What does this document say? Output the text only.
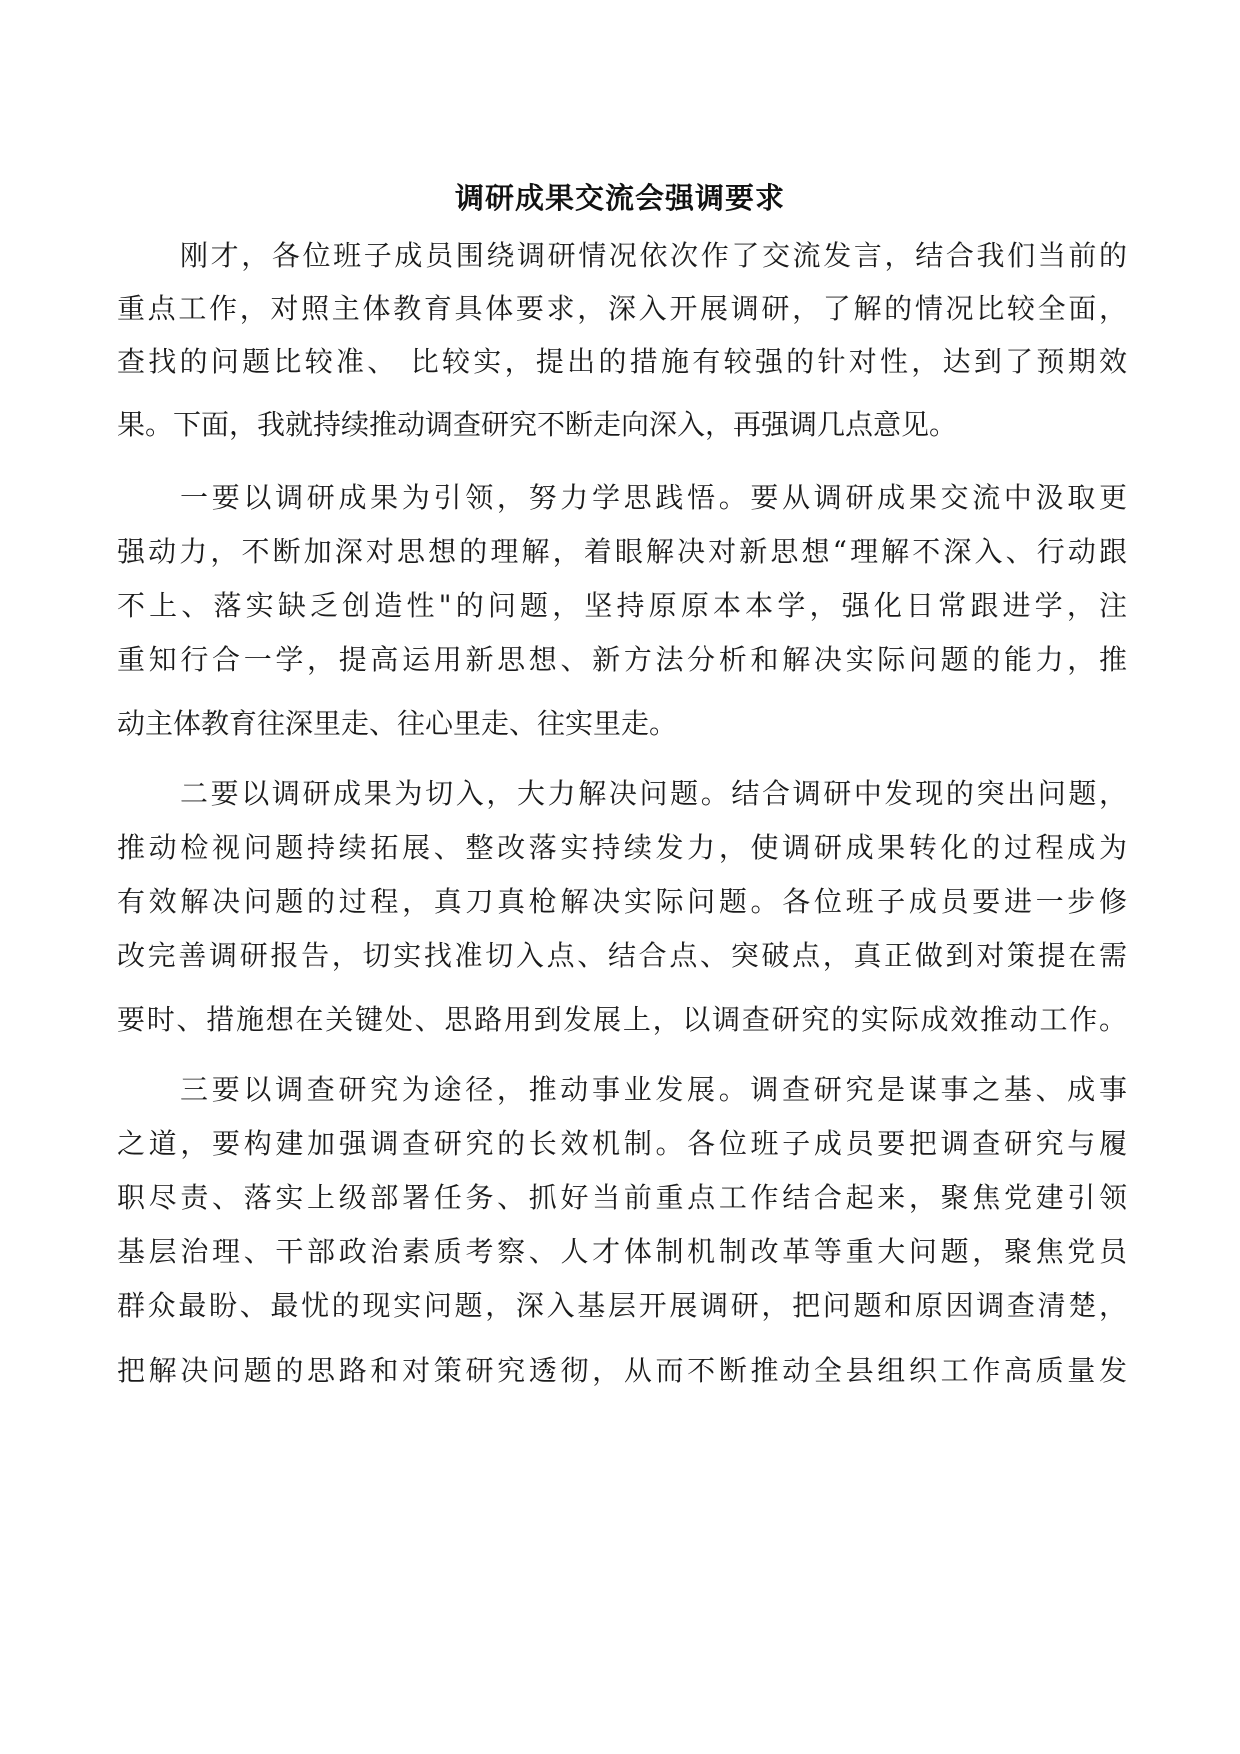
调研成果交流会强调要求
刚才，各位班子成员围绕调研情况依次作了交流发言，结合我们当前的
重点工作，对照主体教育具体要求，深入开展调研，了解的情况比较全面，
查找的问题比较准、 比较实，提出的措施有较强的针对性，达到了预期效
果。下面，我就持续推动调查研究不断走向深入，再强调几点意见。
一要以调研成果为引领，努力学思践悟。要从调研成果交流中汲取更
强动力，不断加深对思想的理解，着眼解决对新思想“理解不深入、行动跟
不上、落实缺乏创造性"的问题，坚持原原本本学，强化日常跟进学，注
重知行合一学，提高运用新思想、新方法分析和解决实际问题的能力，推
动主体教育往深里走、往心里走、往实里走。
二要以调研成果为切入，大力解决问题。结合调研中发现的突出问题，
推动检视问题持续拓展、整改落实持续发力，使调研成果转化的过程成为
有效解决问题的过程，真刀真枪解决实际问题。各位班子成员要进一步修
改完善调研报告，切实找准切入点、结合点、突破点，真正做到对策提在需
要时、措施想在关键处、思路用到发展上，以调查研究的实际成效推动工作。
三要以调查研究为途径，推动事业发展。调查研究是谋事之基、成事
之道，要构建加强调查研究的长效机制。各位班子成员要把调查研究与履
职尽责、落实上级部署任务、抓好当前重点工作结合起来，聚焦党建引领
基层治理、干部政治素质考察、人才体制机制改革等重大问题，聚焦党员
群众最盼、最忧的现实问题，深入基层开展调研，把问题和原因调查清楚，
把解决问题的思路和对策研究透彻，从而不断推动全县组织工作高质量发
